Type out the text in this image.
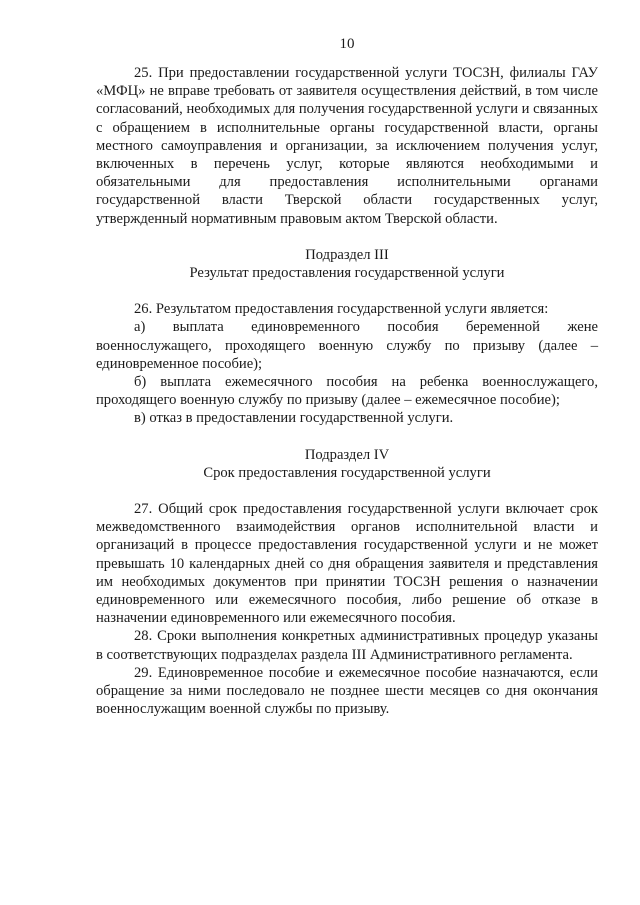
10

25. При предоставлении государственной услуги ТОСЗН, филиалы ГАУ «МФЦ» не вправе требовать от заявителя осуществления действий, в том числе согласований, необходимых для получения государственной услуги и связанных с обращением в исполнительные органы государственной власти, органы местного самоуправления и организации, за исключением получения услуг, включенных в перечень услуг, которые являются необходимыми и обязательными для предоставления исполнительными органами государственной власти Тверской области государственных услуг, утвержденный нормативным правовым актом Тверской области.

Подраздел III

Результат предоставления государственной услуги

26. Результатом предоставления государственной услуги является:

а) выплата единовременного пособия беременной жене военнослужащего, проходящего военную службу по призыву (далее – единовременное пособие);

б) выплата ежемесячного пособия на ребенка военнослужащего, проходящего военную службу по призыву (далее – ежемесячное пособие);

в) отказ в предоставлении государственной услуги.

Подраздел IV

Срок предоставления государственной услуги

27. Общий срок предоставления государственной услуги включает срок межведомственного взаимодействия органов исполнительной власти и организаций в процессе предоставления государственной услуги и не может превышать 10 календарных дней со дня обращения заявителя и представления им необходимых документов при принятии ТОСЗН решения о назначении единовременного или ежемесячного пособия, либо решение об отказе в назначении единовременного или ежемесячного пособия.

28. Сроки выполнения конкретных административных процедур указаны в соответствующих подразделах раздела III Административного регламента.

29. Единовременное пособие и ежемесячное пособие назначаются, если обращение за ними последовало не позднее шести месяцев со дня окончания военнослужащим военной службы по призыву.
